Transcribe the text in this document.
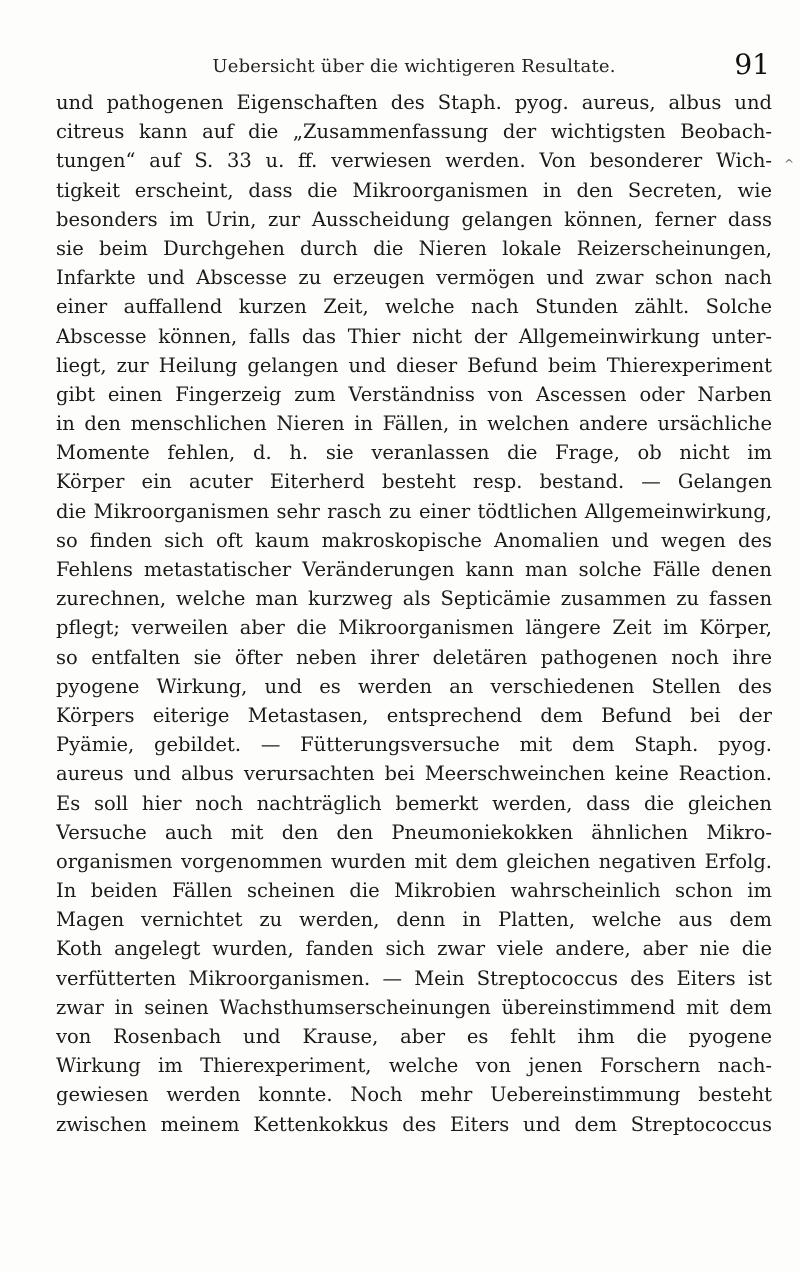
Uebersicht über die wichtigeren Resultate.	91
^
und pathogenen Eigenschaften des Staph. pyog. aureus, albus und
citreus kann auf die „Zusammenfassung der wichtigsten Beobach-
tungen“ auf S. 33 u. ff. verwiesen werden. Von besonderer Wich-
tigkeit erscheint, dass die Mikroorganismen in den Secreten, wie
besonders im Urin, zur Ausscheidung gelangen können, ferner dass
sie beim Durchgehen durch die Nieren lokale Reizerscheinungen,
Infarkte und Abscesse zu erzeugen vermögen und zwar schon nach
einer auffallend kurzen Zeit, welche nach Stunden zählt. Solche
Abscesse können, falls das Thier nicht der Allgemeinwirkung unter-
liegt, zur Heilung gelangen und dieser Befund beim Thierexperiment
gibt einen Fingerzeig zum Verständniss von Ascessen oder Narben
in den menschlichen Nieren in Fällen, in welchen andere ursächliche
Momente fehlen, d. h. sie veranlassen die Frage, ob nicht im
Körper ein acuter Eiterherd besteht resp. bestand. — Gelangen
die Mikroorganismen sehr rasch zu einer tödtlichen Allgemeinwirkung,
so finden sich oft kaum makroskopische Anomalien und wegen des
Fehlens metastatischer Veränderungen kann man solche Fälle denen
zurechnen, welche man kurzweg als Septicämie zusammen zu fassen
pflegt; verweilen aber die Mikroorganismen längere Zeit im Körper,
so entfalten sie öfter neben ihrer deletären pathogenen noch ihre
pyogene Wirkung, und es werden an verschiedenen Stellen des
Körpers eiterige Metastasen, entsprechend dem Befund bei der
Pyämie, gebildet. — Fütterungsversuche mit dem Staph. pyog.
aureus und albus verursachten bei Meerschweinchen keine Reaction.
Es soll hier noch nachträglich bemerkt werden, dass die gleichen
Versuche auch mit den den Pneumoniekokken ähnlichen Mikro-
organismen vorgenommen wurden mit dem gleichen negativen Erfolg.
In beiden Fällen scheinen die Mikrobien wahrscheinlich schon im
Magen vernichtet zu werden, denn in Platten, welche aus dem
Koth angelegt wurden, fanden sich zwar viele andere, aber nie die
verfütterten Mikroorganismen. — Mein Streptococcus des Eiters ist
zwar in seinen Wachsthumserscheinungen übereinstimmend mit dem
von Rosenbach und Krause, aber es fehlt ihm die pyogene
Wirkung im Thierexperiment, welche von jenen Forschern nach-
gewiesen werden konnte. Noch mehr Uebereinstimmung besteht
zwischen meinem Kettenkokkus des Eiters und dem Streptococcus
